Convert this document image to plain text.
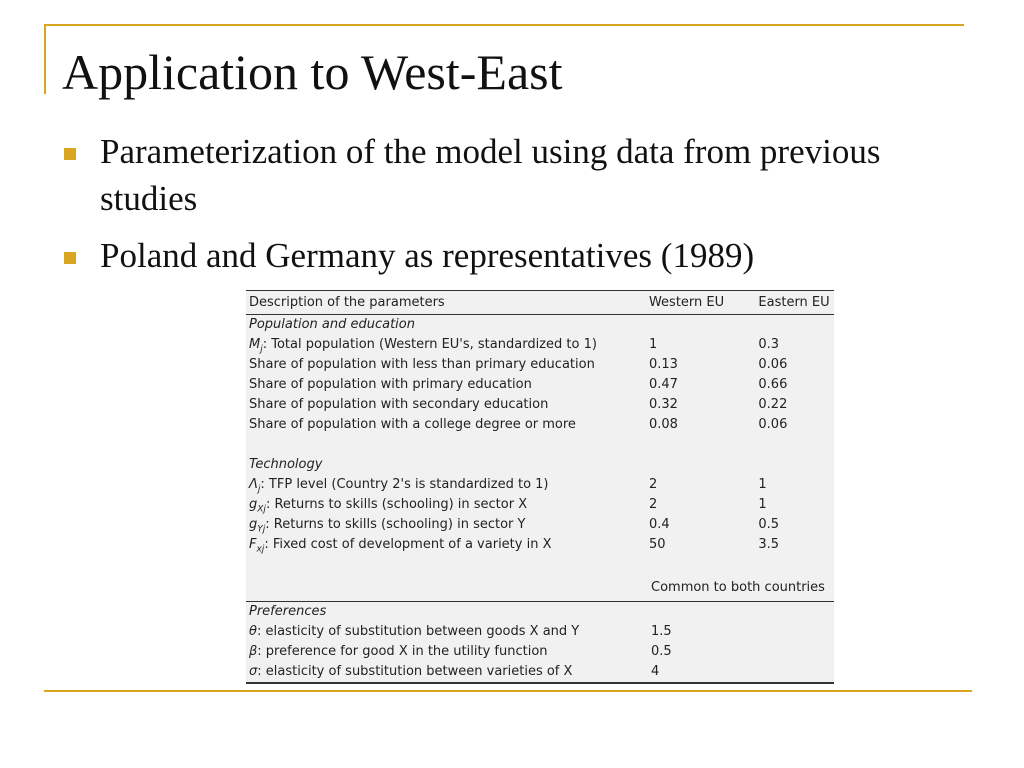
Application to West-East
Parameterization of the model using data from previous studies
Poland and Germany as representatives (1989)
Description of the parameters	Western EU	Eastern EU
Population and education
$M_j$: Total population (Western EU's, standardized to 1)	1	0.3
Share of population with less than primary education	0.13	0.06
Share of population with primary education	0.47	0.66
Share of population with secondary education	0.32	0.22
Share of population with a college degree or more	0.08	0.06
Technology
$\Lambda_j$: TFP level (Country 2's is standardized to 1)	2	1
$g_{Xj}$: Returns to skills (schooling) in sector X	2	1
$g_{Yj}$: Returns to skills (schooling) in sector Y	0.4	0.5
$F_{xj}$: Fixed cost of development of a variety in X	50	3.5
Common to both countries
Preferences
θ: elasticity of substitution between goods X and Y	1.5
β: preference for good X in the utility function	0.5
σ: elasticity of substitution between varieties of X	4
